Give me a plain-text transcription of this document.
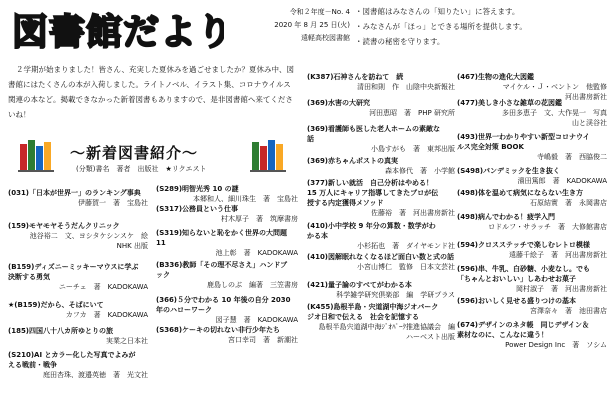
図書館だより	令和２年度－No. 4
2020 年 8 月 25 日(火)
遠軽高校図書館
・図書館はみなさんの「知りたい」に答えます。
・みなさんが「ほっ」とできる場所を提供します。
・読書の秘密を守ります。
２学期が始まりました！皆さん、充実した夏休みを過ごせましたか？夏休み中、図書館にはたくさんの本が入荷しました。ライトノベル、イラスト集、コロナウイルス関連の本など。掲載できなかった新着図書もありますので、是非図書館へ来てくださいね！
～新着図書紹介～
(分類)書名　著者　出版社　★リクエスト
(031)「日本が世界一」のランキング事典
伊藤賀一　著　宝島社
(159)モヤモヤそうだんクリニック
池谷裕二　文、ヨシタケシンスケ　絵
NHK 出版
(B159)ディズニーミッキーマウスに学ぶ
決断する勇気
ニーチェ　著　KADOKAWA
★(B159)だから、そばにいて
カフカ　著　KADOKAWA
(185)四国八十八カ所ゆとりの旅
実業之日本社
(S210)AI とカラー化した写真でよみが
える戦前・戦争
庭田杏珠、渡邉英徳　著　光文社
(S289)明智光秀 10 の謎
本郷和人、細川珠生　著　宝島社
(S317)公務員という仕事
村木厚子　著　筑摩書房
(S319)知らないと恥をかく世界の大問題
11
池上彰　著　KADOKAWA
(B336)教師「その理不尽さえ」ハンドブ
ック
鹿島しのぶ　編著　三笠書房
(366)５分でわかる 10 年後の自分 2030
年のハローワーク
図子慧　著　KADOKAWA
(S368)ケーキの切れない非行少年たち
宮口幸司　著　新潮社
(K387)石神さんを訪ねて　続
清田和則　作　山陰中央新報社
(369)水害の大研究
河田恵昭　著　PHP 研究所
(369)看護師も医した老人ホームの素敵な
話
小島すがも　著　東邦出版
(369)赤ちゃんポストの真実
森本修代　著　小学館
(377)新しい就活　自己分析はやめる！
15 万人にキャリア指導してきたプロが伝
授する内定獲得メソッド
佐藤裕　著　河出書房新社
(410)小中学校 9 年分の算数・数学がわ
かる本
小杉拓也　著　ダイヤモンド社
(410)図解眠れなくなるほど面白い数と式の話
小宮山博仁　監修　日本文芸社
(421)量子論のすべてがわかる本
科学雑学研究倶楽部　編　学研プラス
(K455)島根半島・宍道湖中海ジオパーク
ジオ日和で伝える　社会を記憶する
島根半島宍道湖中海ｼﾞｵﾊﾟｰｸ推進協議会　編
ハーベスト出版
(467)生物の進化大図鑑
マイケル・Ｊ・ベントン　他監修
河出書房新社
(477)美しき小さな雑草の花図鑑
多田多恵子　文、大作晃一　写真
山と渓谷社
(493)世界一わかりやすい新型コロナウイ
ルス完全対策 BOOK
寺嶋毅　著　西脇俊二
(S498)パンデミックを生き抜く
濱田篤郎　著　KADOKAWA
(498)体を温めて病気にならない生き方
石原結實　著　永岡書店
(498)病んでわかる！疲学入門
ロドルフ・サラッチ　著　大修館書店
(594)クロスステッチで楽しむレトロ模様
遠藤千絵子　著　河出書房新社
(596)串、牛乳、白砂糖、小麦なし。でも
「ちゃんとおいしい」しあわせお菓子
岡村淑子　著　河出書房新社
(596)おいしく見せる盛りつけの基本
宮澤奈々　著　池田書店
(674)デザインのネタ帳　同じデザイン＆
素材なのに、こんなに違う！
Power Design Inc　著　ソシム
